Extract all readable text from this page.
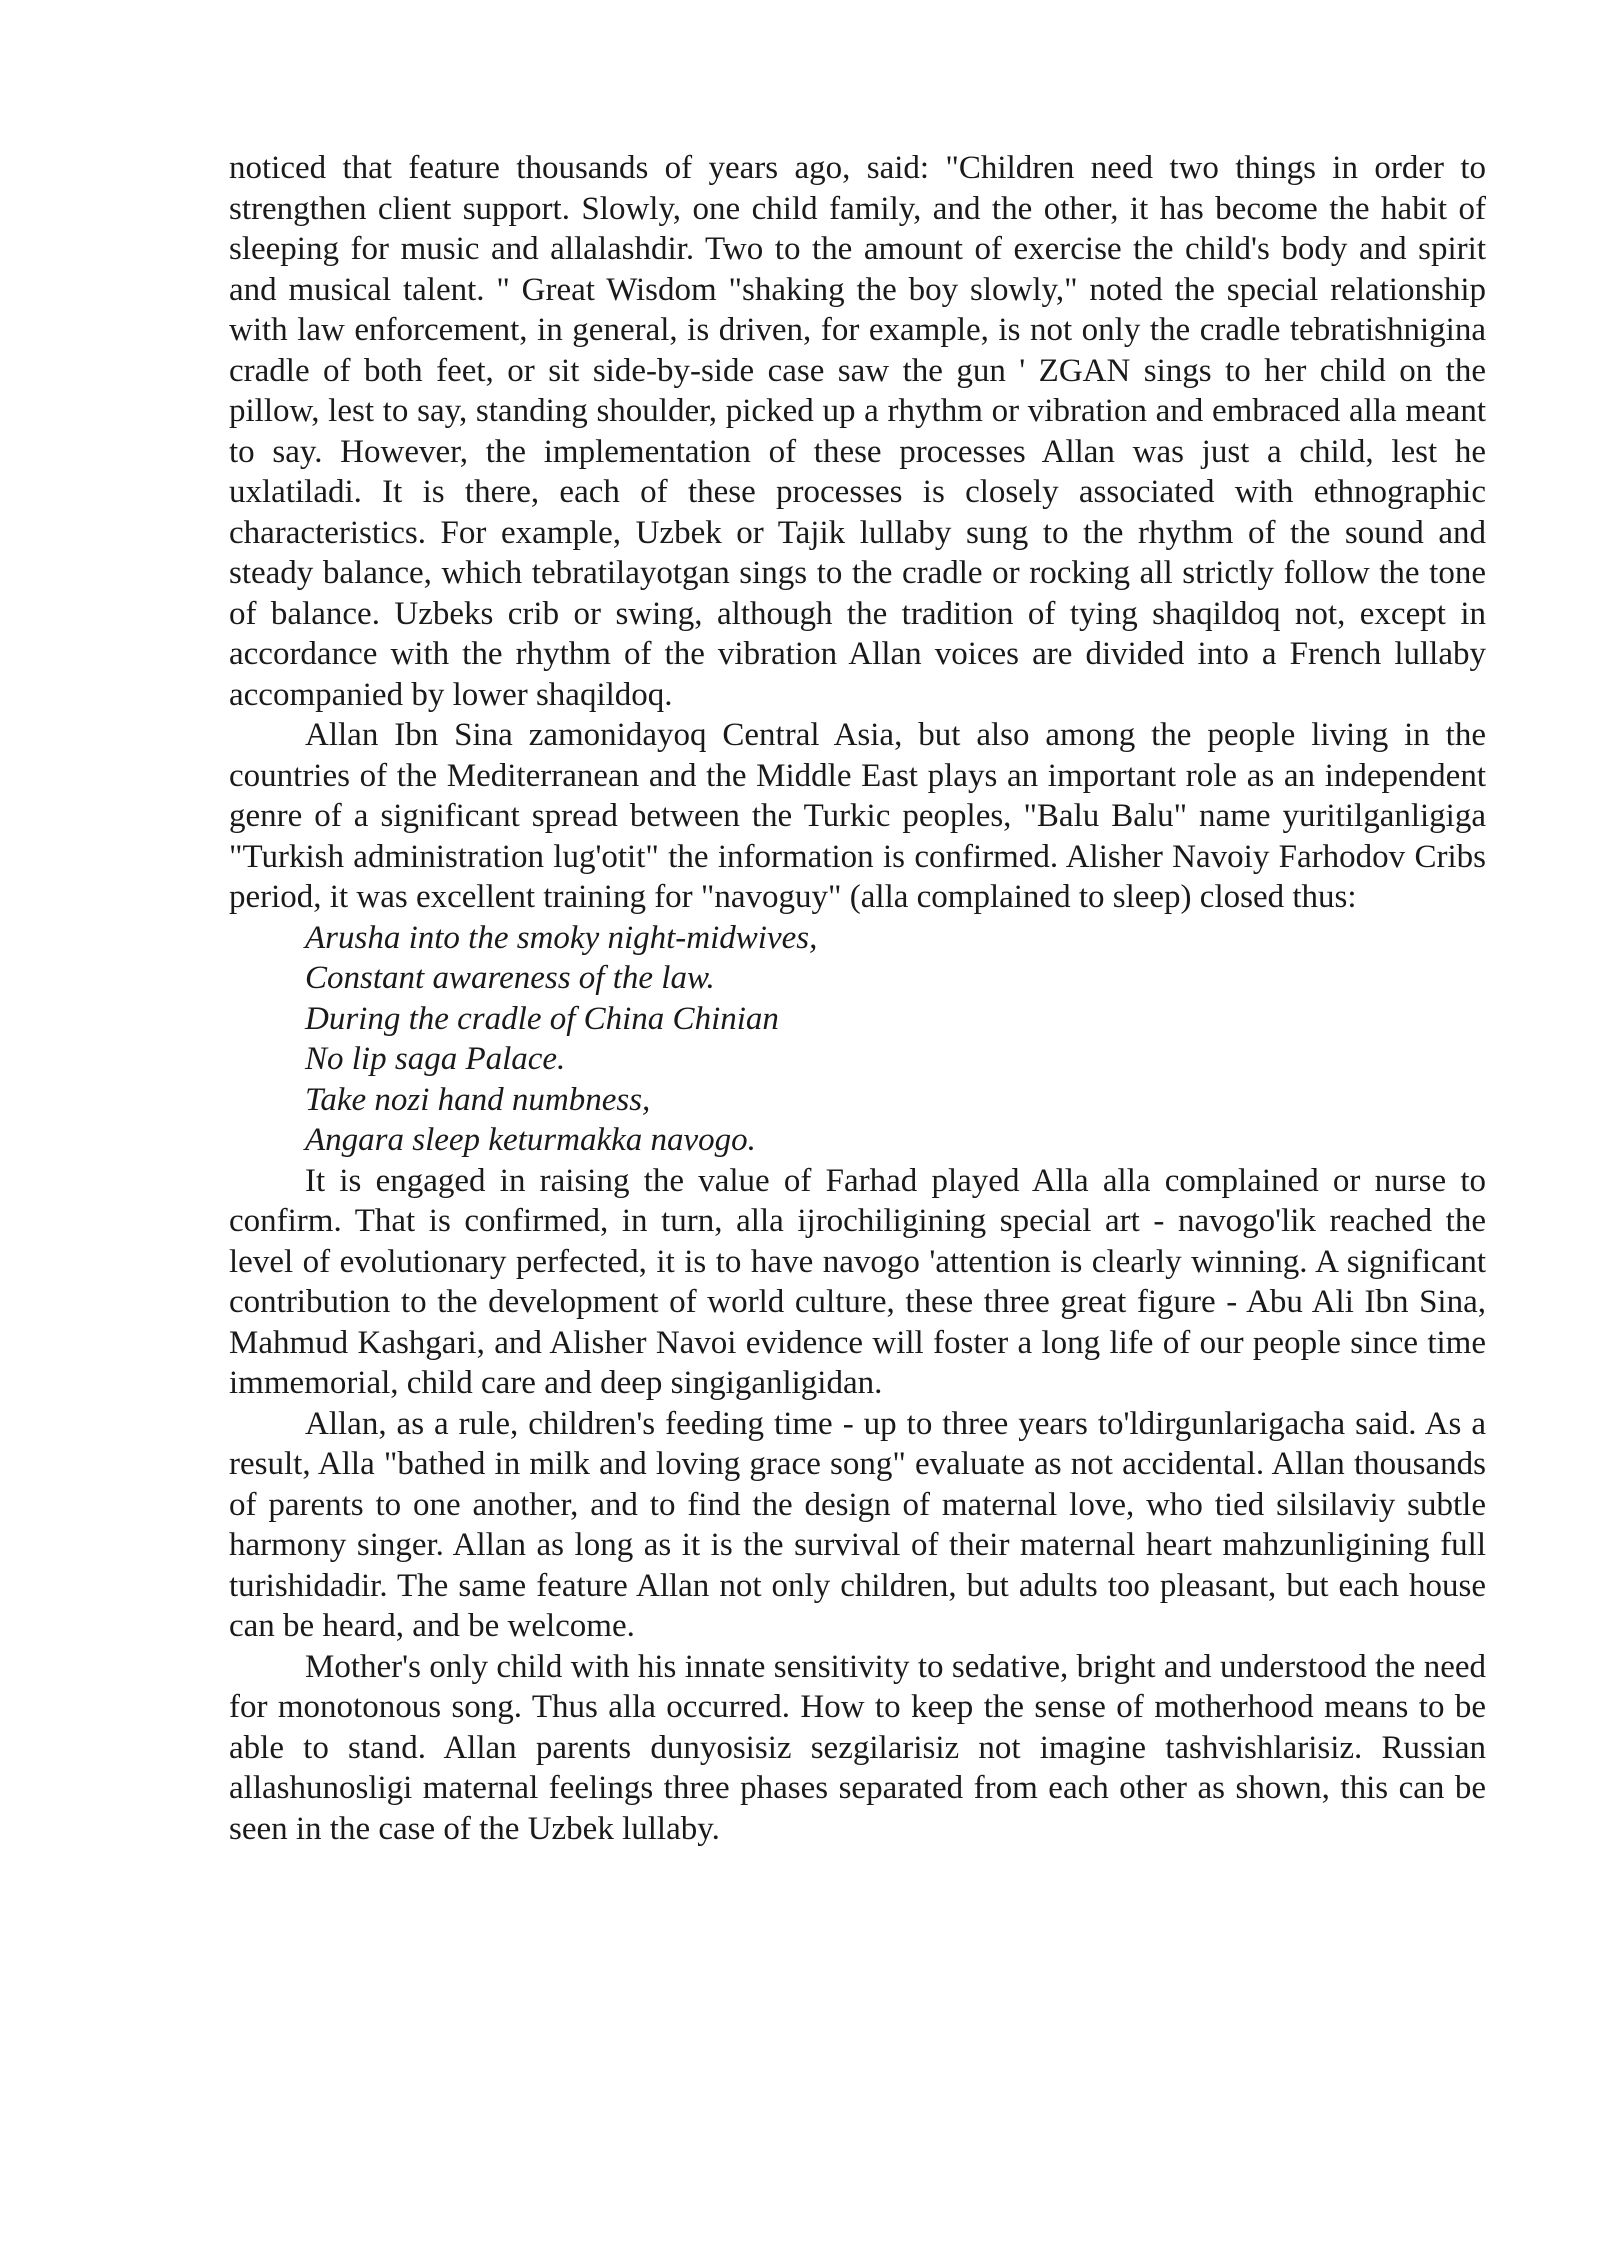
noticed that feature thousands of years ago, said: "Children need two things in order to strengthen client support. Slowly, one child family, and the other, it has become the habit of sleeping for music and allalashdir. Two to the amount of exercise the child's body and spirit and musical talent. " Great Wisdom "shaking the boy slowly," noted the special relationship with law enforcement, in general, is driven, for example, is not only the cradle tebratishnigina cradle of both feet, or sit side-by-side case saw the gun ' ZGAN sings to her child on the pillow, lest to say, standing shoulder, picked up a rhythm or vibration and embraced alla meant to say. However, the implementation of these processes Allan was just a child, lest he uxlatiladi. It is there, each of these processes is closely associated with ethnographic characteristics. For example, Uzbek or Tajik lullaby sung to the rhythm of the sound and steady balance, which tebratilayotgan sings to the cradle or rocking all strictly follow the tone of balance. Uzbeks crib or swing, although the tradition of tying shaqildoq not, except in accordance with the rhythm of the vibration Allan voices are divided into a French lullaby accompanied by lower shaqildoq.

Allan Ibn Sina zamonidayoq Central Asia, but also among the people living in the countries of the Mediterranean and the Middle East plays an important role as an independent genre of a significant spread between the Turkic peoples, "Balu Balu" name yuritilganligiga "Turkish administration lug'otit" the information is confirmed. Alisher Navoiy Farhodov Cribs period, it was excellent training for "navoguy" (alla complained to sleep) closed thus:

Arusha into the smoky night-midwives,
Constant awareness of the law.
During the cradle of China Chinian
No lip saga Palace.
Take nozi hand numbness,
Angara sleep keturmakka navogo.

It is engaged in raising the value of Farhad played Alla alla complained or nurse to confirm. That is confirmed, in turn, alla ijrochiligining special art - navogo'lik reached the level of evolutionary perfected, it is to have navogo 'attention is clearly winning. A significant contribution to the development of world culture, these three great figure - Abu Ali Ibn Sina, Mahmud Kashgari, and Alisher Navoi evidence will foster a long life of our people since time immemorial, child care and deep singiganligidan.

Allan, as a rule, children's feeding time - up to three years to'ldirgunlarigacha said. As a result, Alla "bathed in milk and loving grace song" evaluate as not accidental. Allan thousands of parents to one another, and to find the design of maternal love, who tied silsilaviy subtle harmony singer. Allan as long as it is the survival of their maternal heart mahzunligining full turishidadir. The same feature Allan not only children, but adults too pleasant, but each house can be heard, and be welcome.

Mother's only child with his innate sensitivity to sedative, bright and understood the need for monotonous song. Thus alla occurred. How to keep the sense of motherhood means to be able to stand. Allan parents dunyosisiz sezgilarisiz not imagine tashvishlarisiz. Russian allashunosligi maternal feelings three phases separated from each other as shown, this can be seen in the case of the Uzbek lullaby.
